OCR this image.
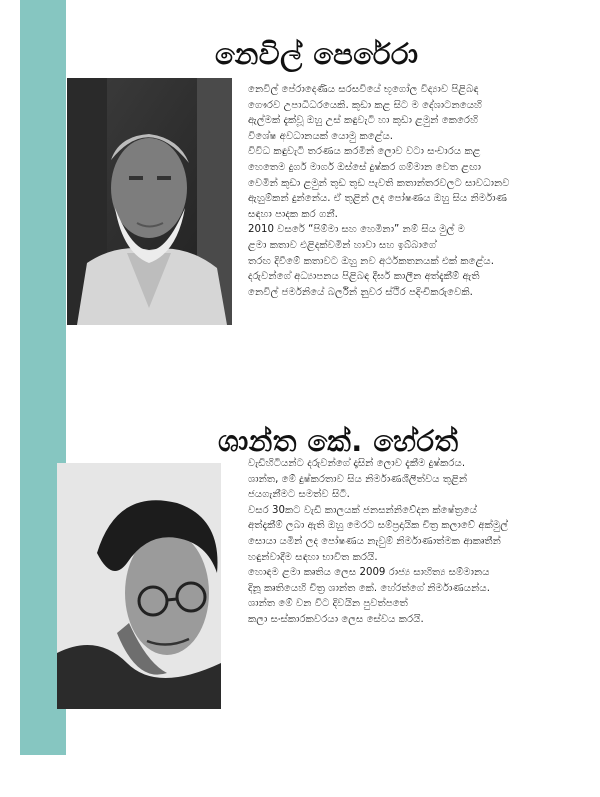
නෙවිල් පෙරේරා
නෙවිල් පේරාදෙණිය සරසවියේ භූගෝල විද්‍යාව පිළිබඳ
ගෞරව උපාධිධරයෙකි. කුඩා කළ සිට ම දේශාටනයෙහි
ඇල්මක් දැක්වූ ඔහු උස් කඳුවැටි හා කුඩා ළමුන් කෙරෙහි
විශේෂ අවධානයක් යොමු කළේය.
විවිධ කඳුවැටි තරණය කරමින් ලොව වටා සංචාරය කළ
හෙතෙම දුර්ග මාර්ග ඔස්සේ දුෂ්කර ගම්මාන වෙත ළඟා
වෙමින් කුඩා ළමුන් තුඩ තුඩ පැවති කතාන්තරවලට සාවධානව
ඇහුම්කන් දුන්නේය. ඒ තුළින් ලද පෝෂණය ඔහු සිය නිර්මාණ
සඳහා පාදක කර ගනී.
2010 වසරේ “පිම්මා සහ හෙමිනා” නම් සිය මුල් ම
ළමා කතාව එළිදක්වමින් හාවා සහ ඉබ්බාගේ
තරඟ දිවීමේ කතාවට ඔහු නව අර්ථකතනයක් එක් කළේය.
දරුවන්ගේ අධ්‍යාපනය පිළිබඳ දීර්ඝ කාලීන අත්දැකීම් ඇති
නෙවිල් ජර්මනියේ බර්ලින් නුවර ස්ථිර පදිංචිකරුවෙකි.
ශාන්ත කේ. හේරත්
වැඩිහිටියන්ට දරුවන්ගේ දෑසින් ලොව දැකීම දුෂ්කරය.
ශාන්ත, මේ දුෂ්කරතාව සිය නිර්මාණශීලීත්වය තුළින්
ජයගැනීමට සමත්ව සිටී.
වසර 30කට වැඩි කාලයක් ජනසන්නිවේදන ක්ෂේත්‍රයේ
අත්දැකීම් ලබා ඇති ඔහු මෙරට සම්ප්‍රදායික චිත්‍ර කලාවේ අක්මුල්
සොයා යමින් ලද පෝෂණය නැවුම් නිර්මාණාත්මක ආකෘතීන්
හඳුන්වාදීම සඳහා භාවිත කරයි.
හොඳම ළමා කෘතිය ලෙස 2009 රාජ්‍ය සාහිත්‍ය සම්මානය
දිනූ කෘතියෙහි චිත්‍ර ශාන්ත කේ. හේරත්ගේ නිර්මාණයන්ය.
ශාන්ත මේ වන විට දිවයින පුවත්පතේ
කලා සංස්කාරකවරයා ලෙස සේවය කරයි.
